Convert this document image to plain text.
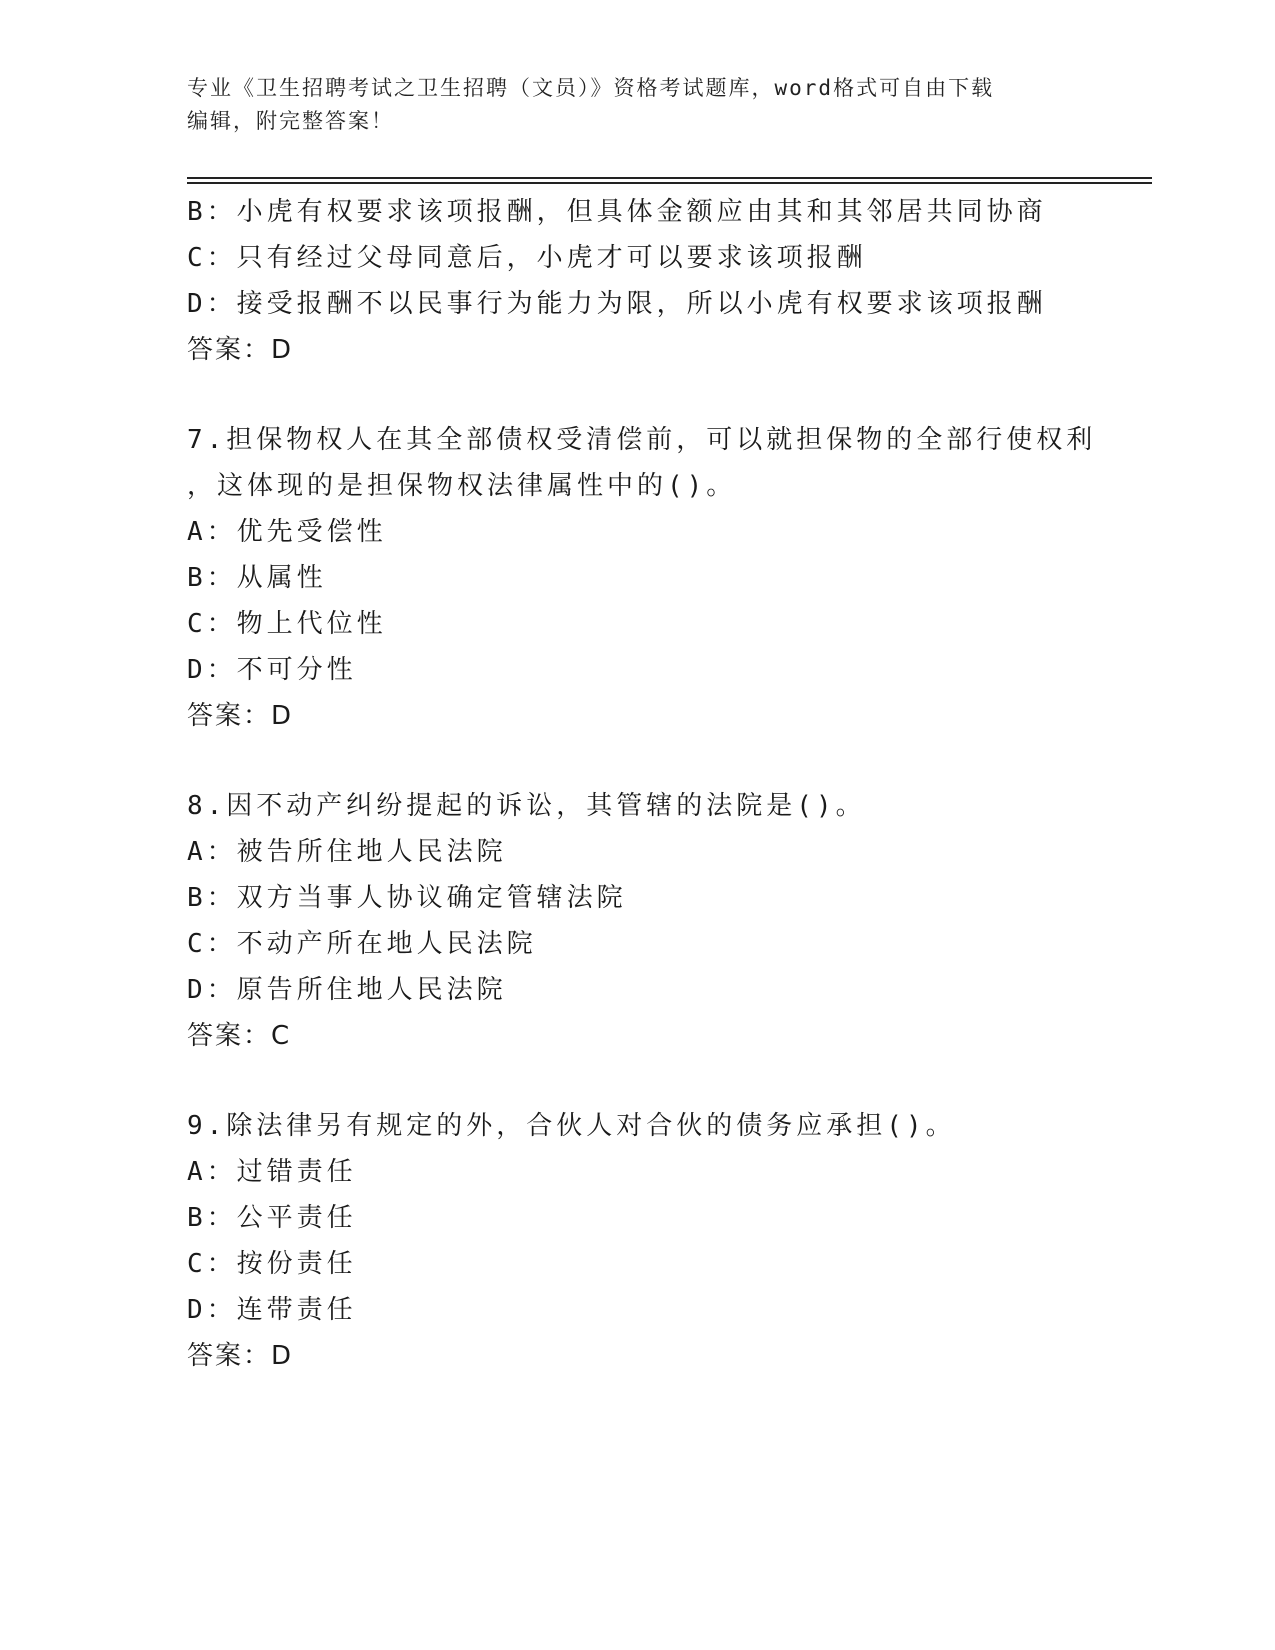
专业《卫生招聘考试之卫生招聘（文员）》资格考试题库，word格式可自由下载
编辑，附完整答案！
B：小虎有权要求该项报酬，但具体金额应由其和其邻居共同协商
C：只有经过父母同意后，小虎才可以要求该项报酬
D：接受报酬不以民事行为能力为限，所以小虎有权要求该项报酬
答案：D
7.担保物权人在其全部债权受清偿前，可以就担保物的全部行使权利
，这体现的是担保物权法律属性中的()。
A：优先受偿性
B：从属性
C：物上代位性
D：不可分性
答案：D
8.因不动产纠纷提起的诉讼，其管辖的法院是()。
A：被告所住地人民法院
B：双方当事人协议确定管辖法院
C：不动产所在地人民法院
D：原告所住地人民法院
答案：C
9.除法律另有规定的外，合伙人对合伙的债务应承担()。
A：过错责任
B：公平责任
C：按份责任
D：连带责任
答案：D
